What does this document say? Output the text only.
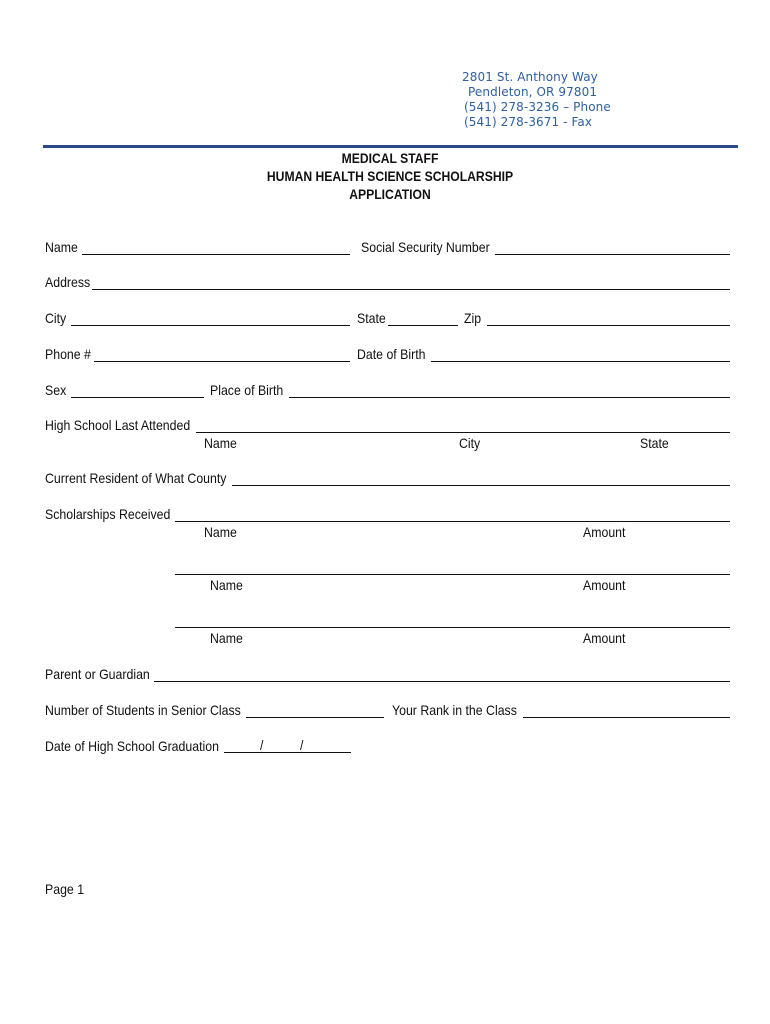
2801 St. Anthony Way
Pendleton, OR 97801
(541) 278-3236 – Phone
(541) 278-3671 - Fax
MEDICAL STAFF
HUMAN HEALTH SCIENCE SCHOLARSHIP
APPLICATION
Name	Social Security Number
Address
City	State	Zip
Phone #	Date of Birth
Sex	Place of Birth
High School Last Attended
Name	City	State
Current Resident of What County
Scholarships Received
Name	Amount
Name	Amount
Name	Amount
Parent or Guardian
Number of Students in Senior Class	Your Rank in the Class
Date of High School Graduation	/	/
Page 1
